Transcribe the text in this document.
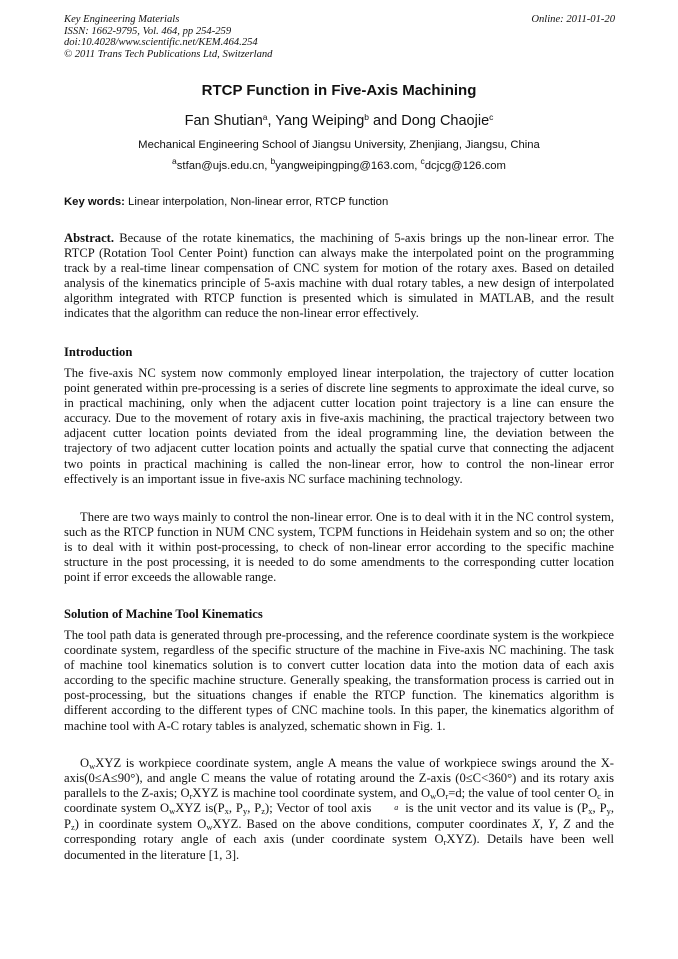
Key Engineering Materials
ISSN: 1662-9795, Vol. 464, pp 254-259
doi:10.4028/www.scientific.net/KEM.464.254
© 2011 Trans Tech Publications Ltd, Switzerland
Online: 2011-01-20
RTCP Function in Five-Axis Machining
Fan Shutian$^a$, Yang Weiping$^b$ and Dong Chaojie$^c$
Mechanical Engineering School of Jiangsu University, Zhenjiang, Jiangsu, China
$^a$stfan@ujs.edu.cn, $^b$yangweipingping@163.com, $^c$dcjcg@126.com
Key words: Linear interpolation, Non-linear error, RTCP function
Abstract. Because of the rotate kinematics, the machining of 5-axis brings up the non-linear error. The RTCP (Rotation Tool Center Point) function can always make the interpolated point on the programming track by a real-time linear compensation of CNC system for motion of the rotary axes. Based on detailed analysis of the kinematics principle of 5-axis machine with dual rotary tables, a new design of interpolated algorithm integrated with RTCP function is presented which is simulated in MATLAB, and the result indicates that the algorithm can reduce the non-linear error effectively.
Introduction
The five-axis NC system now commonly employed linear interpolation, the trajectory of cutter location point generated within pre-processing is a series of discrete line segments to approximate the ideal curve, so in practical machining, only when the adjacent cutter location point trajectory is a line can ensure the accuracy. Due to the movement of rotary axis in five-axis machining, the practical trajectory between two adjacent cutter location points deviated from the ideal programming line, the deviation between the trajectory of two adjacent cutter location points and actually the spatial curve that connecting the adjacent two points in practical machining is called the non-linear error, how to control the non-linear error effectively is an important issue in five-axis NC surface machining technology.
There are two ways mainly to control the non-linear error. One is to deal with it in the NC control system, such as the RTCP function in NUM CNC system, TCPM functions in Heidehain system and so on; the other is to deal with it within post-processing, to check of non-linear error according to the specific machine structure in the post processing, it is needed to do some amendments to the corresponding cutter location point if error exceeds the allowable range.
Solution of Machine Tool Kinematics
The tool path data is generated through pre-processing, and the reference coordinate system is the workpiece coordinate system, regardless of the specific structure of the machine in Five-axis NC machining. The task of machine tool kinematics solution is to convert cutter location data into the motion data of each axis according to the specific machine structure. Generally speaking, the transformation process is carried out in post-processing, but the situations changes if enable the RTCP function. The kinematics algorithm is different according to the different types of CNC machine tools. In this paper, the kinematics algorithm of machine tool with A-C rotary tables is analyzed, schematic shown in Fig. 1.
$O_wXYZ$ is workpiece coordinate system, angle A means the value of workpiece swings around the X-axis(0≤A≤90°), and angle C means the value of rotating around the Z-axis (0≤C<360°) and its rotary axis parallels to the Z-axis; $O_rXYZ$ is machine tool coordinate system, and $O_wO_r=d$; the value of tool center $O_c$ in coordinate system $O_wXYZ$ $is(P_x$, $P_y$, $P_z$); Vector of tool axis a is the unit vector and its value is ($P_x$, $P_y$, $P_z$) in coordinate system $O_wXYZ$. Based on the above conditions, computer coordinates X, Y, Z and the corresponding rotary angle of each axis (under coordinate system $O_rXYZ$). Details have been well documented in the literature [1, 3].
